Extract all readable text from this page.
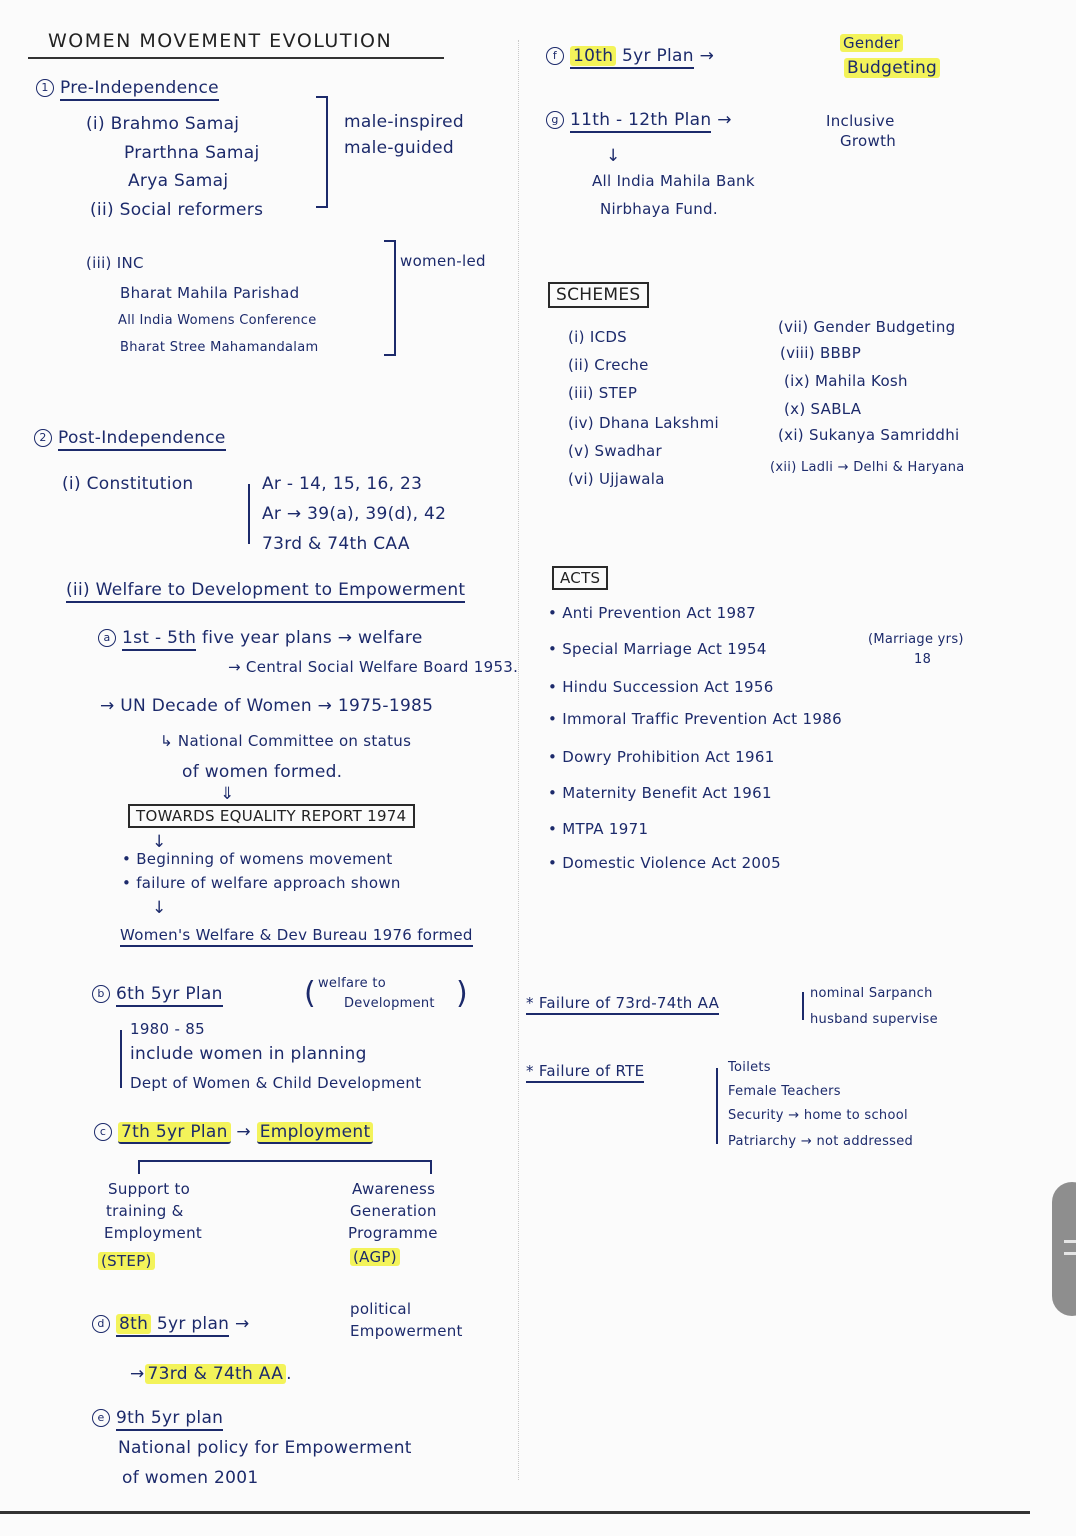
WOMEN MOVEMENT EVOLUTION
1 Pre-Independence
(i) Brahmo Samaj
Prarthna Samaj
Arya Samaj
(ii) Social reformers
male-inspired
male-guided
(iii) INC
Bharat Mahila Parishad
All India Womens Conference
Bharat Stree Mahamandalam
women-led
2 Post-Independence
(i) Constitution	Ar - 14, 15, 16, 23
Ar → 39(a), 39(d), 42
73rd & 74th CAA
(ii) Welfare to Development to Empowerment
a 1st - 5th five year plans → welfare
→ Central Social Welfare Board 1953.
→ UN Decade of Women → 1975-1985
↳ National Committee on status
of women formed.
⇓
TOWARDS EQUALITY REPORT 1974
↓
• Beginning of womens movement
• failure of welfare approach shown
↓
Women's Welfare & Dev Bureau 1976 formed
b 6th 5yr Plan
welfare to
Development
(	)
1980 - 85
include women in planning
Dept of Women & Child Development
c 7th 5yr Plan → Employment
Support to
training &
Employment
(STEP)
Awareness
Generation
Programme
(AGP)
d 8th 5yr plan →
political
Empowerment
→ 73rd & 74th AA .
e 9th 5yr plan
National policy for Empowerment
of women 2001
f 10th 5yr Plan →
Gender
Budgeting
g 11th - 12th Plan →	Inclusive
Growth
↓
All India Mahila Bank
Nirbhaya Fund.
SCHEMES
(i) ICDS
(ii) Creche
(iii) STEP
(iv) Dhana Lakshmi
(v) Swadhar
(vi) Ujjawala
(vii) Gender Budgeting
(viii) BBBP
(ix) Mahila Kosh
(x) SABLA
(xi) Sukanya Samriddhi
(xii) Ladli → Delhi & Haryana
ACTS
• Anti Prevention Act 1987
• Special Marriage Act 1954
(Marriage yrs)
18
• Hindu Succession Act 1956
• Immoral Traffic Prevention Act 1986
• Dowry Prohibition Act 1961
• Maternity Benefit Act 1961
• MTPA 1971
• Domestic Violence Act 2005
* Failure of 73rd-74th AA
nominal Sarpanch
husband supervise
* Failure of RTE	Toilets
Female Teachers
Security → home to school
Patriarchy → not addressed
